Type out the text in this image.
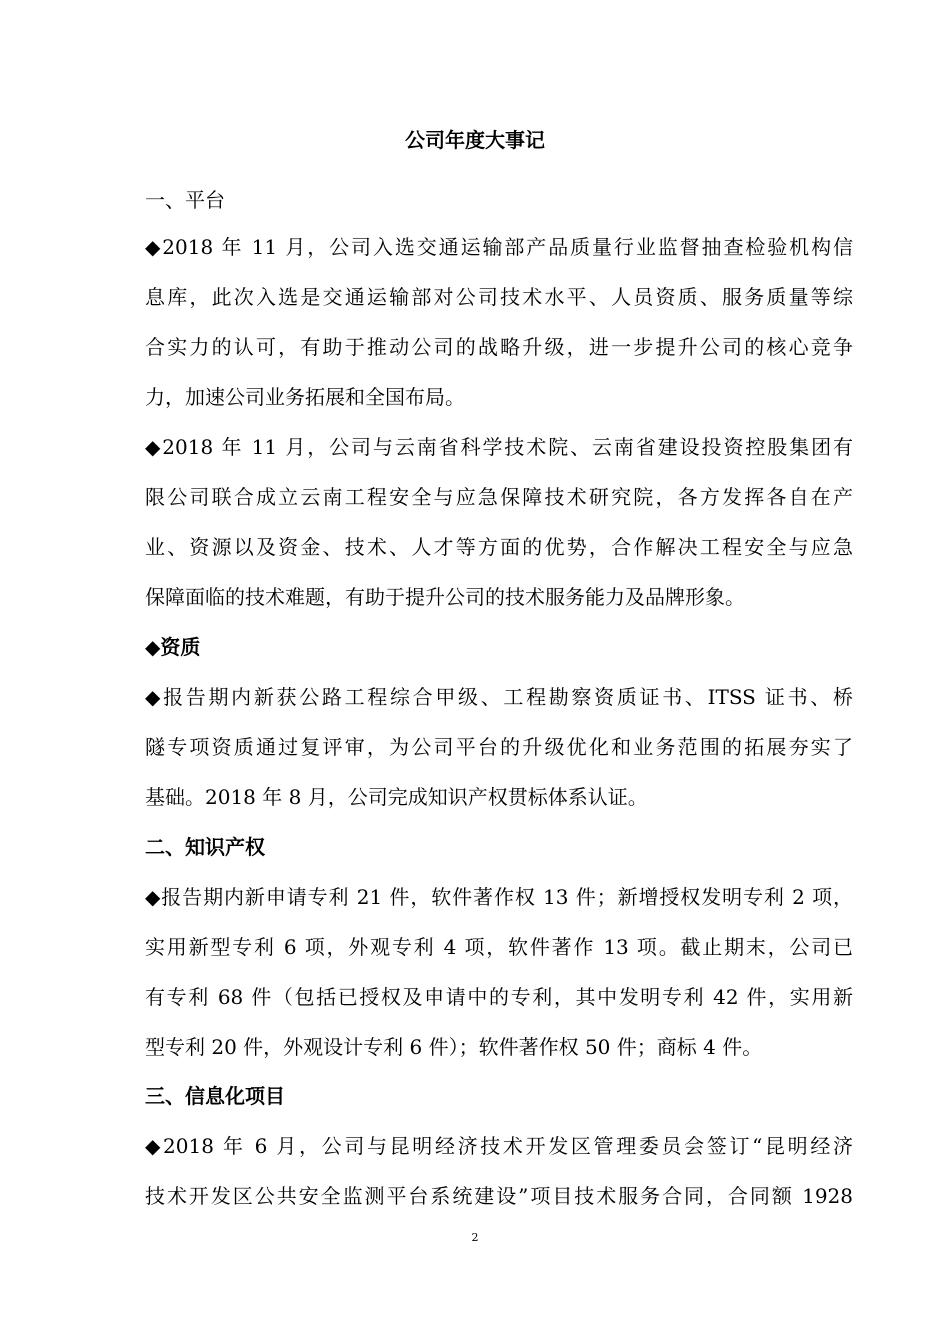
公司年度大事记
一、平台
◆2018 年 11 月，公司入选交通运输部产品质量行业监督抽查检验机构信
息库，此次入选是交通运输部对公司技术水平、人员资质、服务质量等综
合实力的认可，有助于推动公司的战略升级，进一步提升公司的核心竞争
力，加速公司业务拓展和全国布局。
◆2018 年 11 月，公司与云南省科学技术院、云南省建设投资控股集团有
限公司联合成立云南工程安全与应急保障技术研究院，各方发挥各自在产
业、资源以及资金、技术、人才等方面的优势，合作解决工程安全与应急
保障面临的技术难题，有助于提升公司的技术服务能力及品牌形象。
◆资质
◆报告期内新获公路工程综合甲级、工程勘察资质证书、ITSS 证书、桥
隧专项资质通过复评审，为公司平台的升级优化和业务范围的拓展夯实了
基础。2018 年 8 月，公司完成知识产权贯标体系认证。
二、知识产权
◆报告期内新申请专利 21 件，软件著作权 13 件；新增授权发明专利 2 项，
实用新型专利 6 项，外观专利 4 项，软件著作 13 项。截止期末，公司已
有专利 68 件（包括已授权及申请中的专利，其中发明专利 42 件，实用新
型专利 20 件，外观设计专利 6 件）；软件著作权 50 件；商标 4 件。
三、信息化项目
◆2018 年 6 月，公司与昆明经济技术开发区管理委员会签订“昆明经济
技术开发区公共安全监测平台系统建设”项目技术服务合同，合同额 1928
2
